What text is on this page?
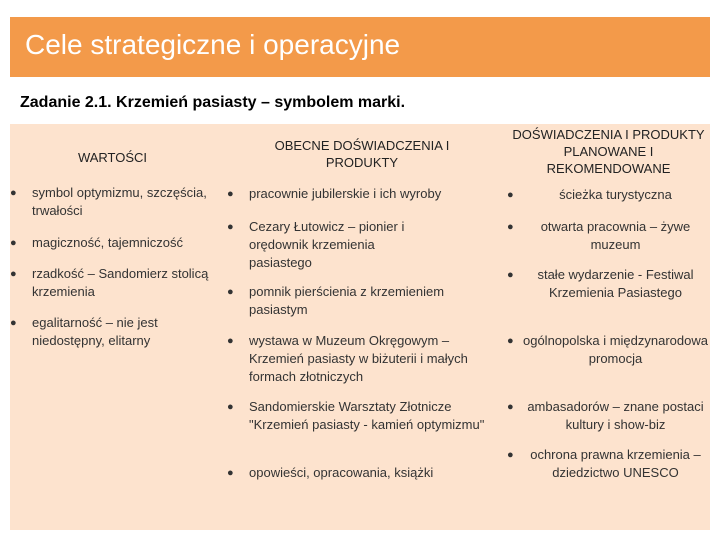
Cele strategiczne i operacyjne
Zadanie 2.1. Krzemień pasiasty – symbolem marki.
WARTOŚCI
● symbol optymizmu, szczęścia, trwałości
● magiczność, tajemniczość
● rzadkość – Sandomierz stolicą krzemienia
● egalitarność – nie jest niedostępny, elitarny
OBECNE DOŚWIADCZENIA I PRODUKTY
● pracownie jubilerskie i ich wyroby
● Cezary Łutowicz – pionier i orędownik krzemienia pasiastego
● pomnik pierścienia z krzemieniem pasiastym
● wystawa w Muzeum Okręgowym – Krzemień pasiasty w biżuterii i małych formach złotniczych
● Sandomierskie Warsztaty Złotnicze "Krzemień pasiasty - kamień optymizmu"
● opowieści, opracowania, książki
DOŚWIADCZENIA I PRODUKTY PLANOWANE I REKOMENDOWANE
●	ścieżka turystyczna
●	otwarta pracownia – żywe muzeum
●	stałe wydarzenie - Festiwal Krzemienia Pasiastego
● ogólnopolska i międzynarodowa promocja
●	ambasadorów – znane postaci kultury i show-biz
●	ochrona prawna krzemienia – dziedzictwo UNESCO
